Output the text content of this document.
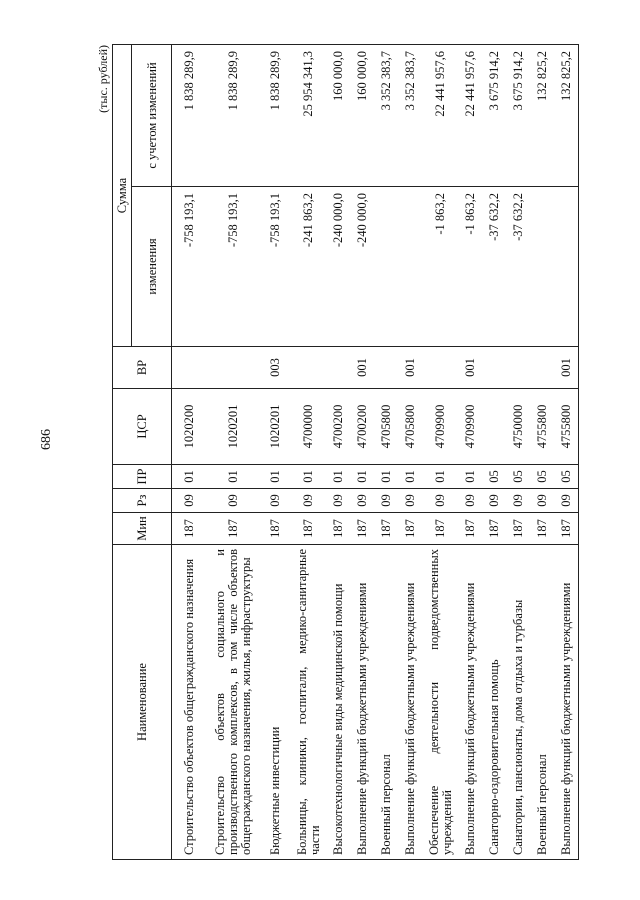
686
(тыс. рублей)
Наименование	Мин	Рз	ПР	ЦСР	ВР	Сумма	
						изменения	с учетом изменений
Строительство объектов общегражданского назначения	187	09	01	1020200		-758 193,1	1 838 289,9
Строительство объектов социального и производственного комплексов, в том числе объектов общегражданского назначения, жилья, инфраструктуры	187	09	01	1020201		-758 193,1	1 838 289,9
Бюджетные инвестиции	187	09	01	1020201	003	-758 193,1	1 838 289,9
Больницы, клиники, госпитали, медико-санитарные части	187	09	01	4700000		-241 863,2	25 954 341,3
Высокотехнологичные виды медицинской помощи	187	09	01	4700200		-240 000,0	160 000,0
Выполнение функций бюджетными учреждениями	187	09	01	4700200	001	-240 000,0	160 000,0
Военный персонал	187	09	01	4705800			3 352 383,7
Выполнение функций бюджетными учреждениями	187	09	01	4705800	001		3 352 383,7
Обеспечение деятельности подведомственных учреждений	187	09	01	4709900		-1 863,2	22 441 957,6
Выполнение функций бюджетными учреждениями	187	09	01	4709900	001	-1 863,2	22 441 957,6
Санаторно-оздоровительная помощь	187	09	05			-37 632,2	3 675 914,2
Санатории, пансионаты, дома отдыха и турбазы	187	09	05	4750000		-37 632,2	3 675 914,2
Военный персонал	187	09	05	4755800			132 825,2
Выполнение функций бюджетными учреждениями	187	09	05	4755800	001		132 825,2
